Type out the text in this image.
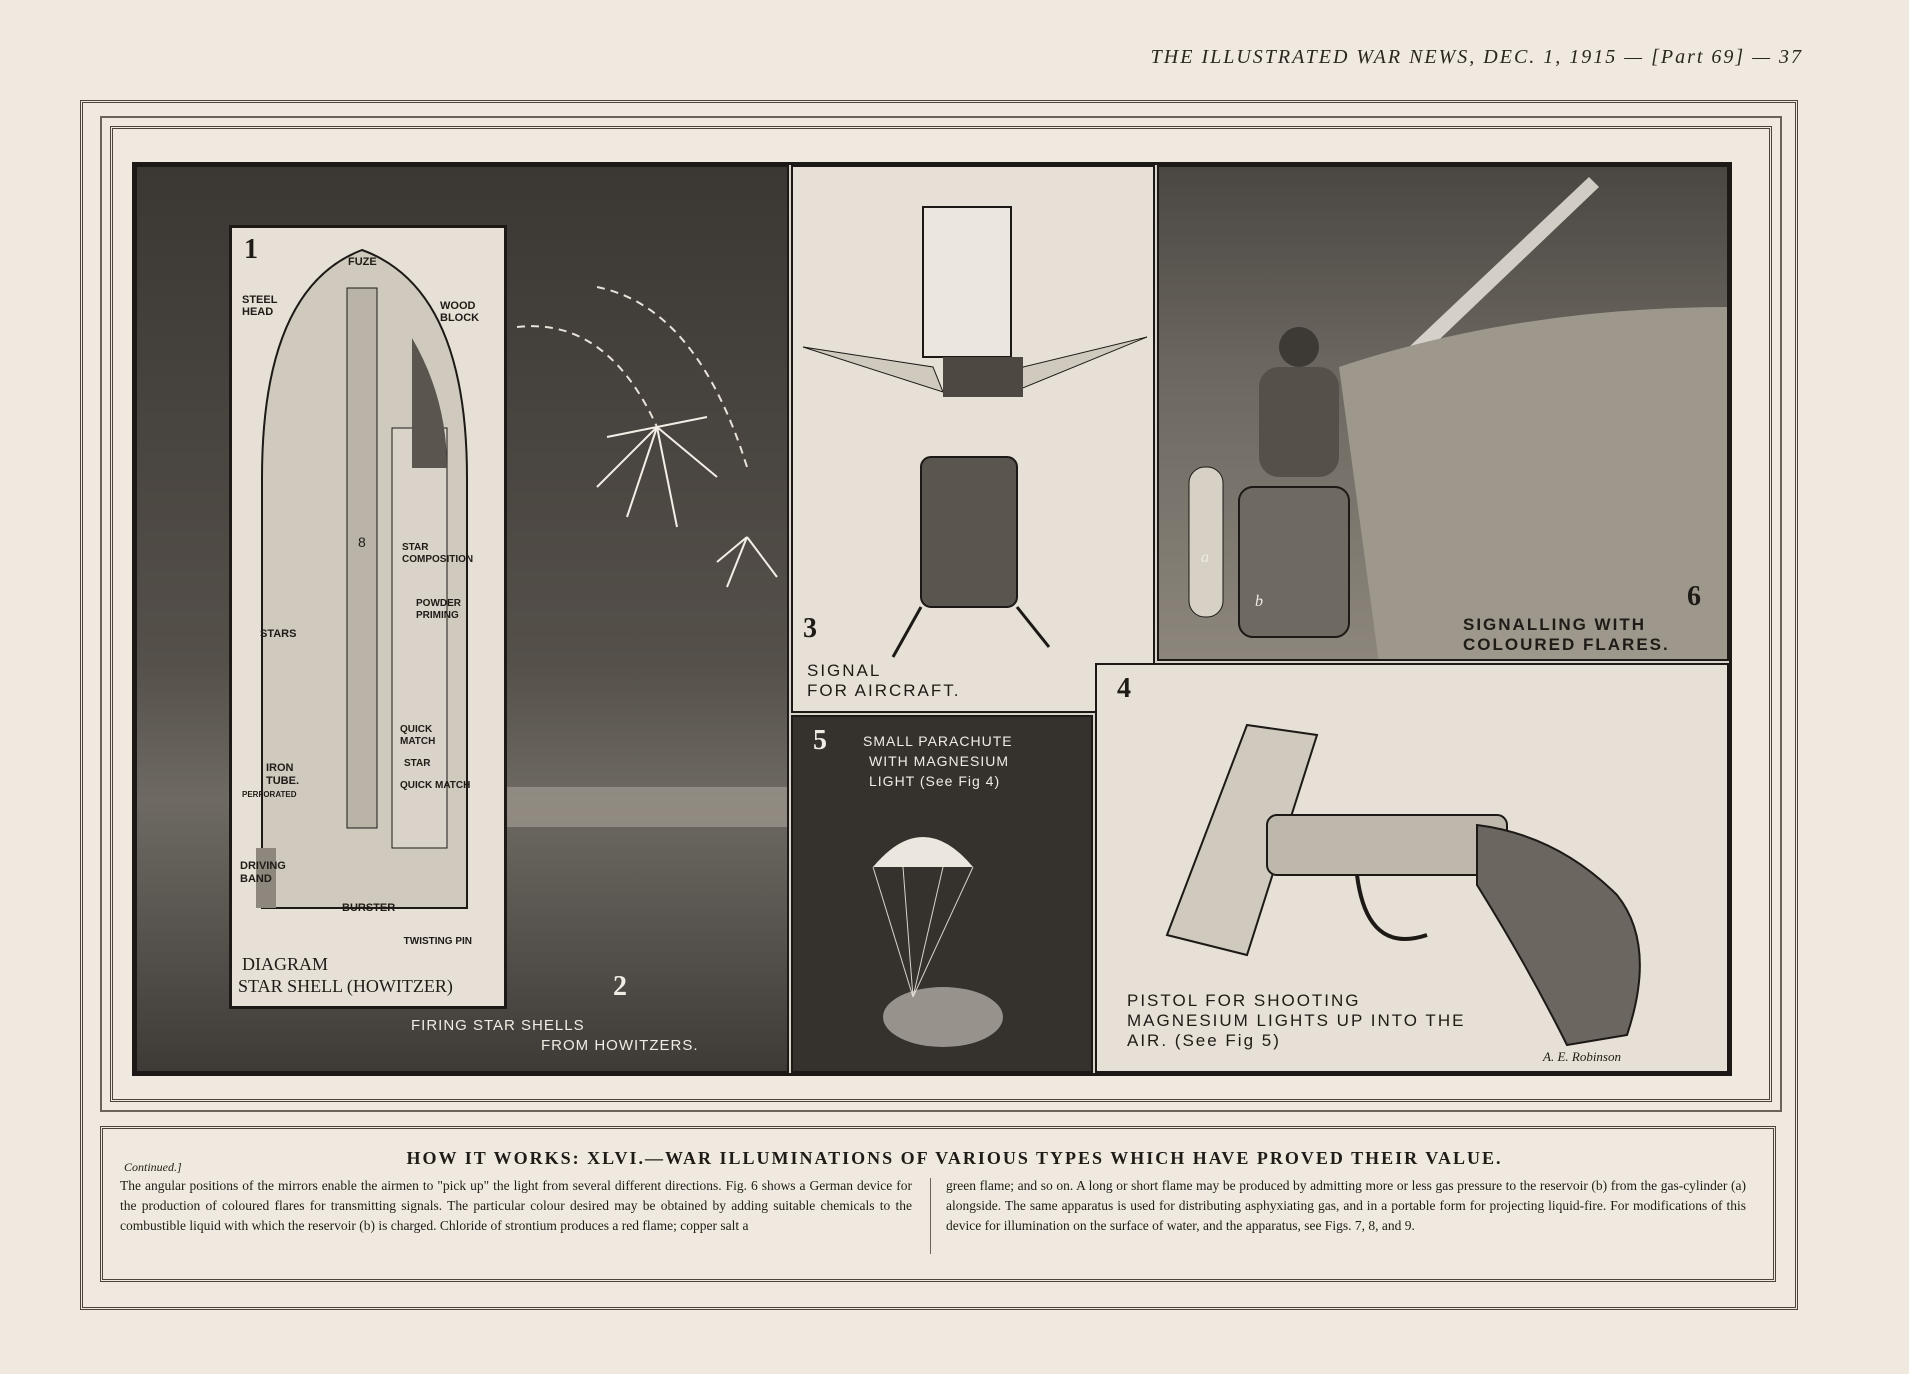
THE ILLUSTRATED WAR NEWS, DEC. 1, 1915 — [Part 69] — 37
1	FUZE
STEEL HEAD	WOOD BLOCK
8	STAR COMPOSITION
POWDER PRIMING
STARS
QUICK MATCH
STAR
QUICK MATCH
IRON TUBE.
PERFORATED
DRIVING BAND
BURSTER
TWISTING PIN
DIAGRAM
STAR SHELL (HOWITZER)	2
FIRING STAR SHELLS
FROM HOWITZERS.
3
SIGNAL
FOR AIRCRAFT.
a
b	6
SIGNALLING WITH
COLOURED FLARES.
5	SMALL PARACHUTE
WITH MAGNESIUM
LIGHT (See Fig 4)
4
PISTOL FOR SHOOTING
MAGNESIUM LIGHTS UP INTO THE
AIR. (See Fig 5)
A. E. Robinson
Continued.]	HOW IT WORKS: XLVI.—WAR ILLUMINATIONS OF VARIOUS TYPES WHICH HAVE PROVED THEIR VALUE.
The angular positions of the mirrors enable the airmen to "pick up" the light from several different directions. Fig. 6 shows a German device for the production of coloured flares for transmitting signals. The particular colour desired may be obtained by adding suitable chemicals to the combustible liquid with which the reservoir (b) is charged. Chloride of strontium produces a red flame; copper salt a
green flame; and so on. A long or short flame may be produced by admitting more or less gas pressure to the reservoir (b) from the gas-cylinder (a) alongside. The same apparatus is used for distributing asphyxiating gas, and in a portable form for projecting liquid-fire. For modifications of this device for illumination on the surface of water, and the apparatus, see Figs. 7, 8, and 9.
